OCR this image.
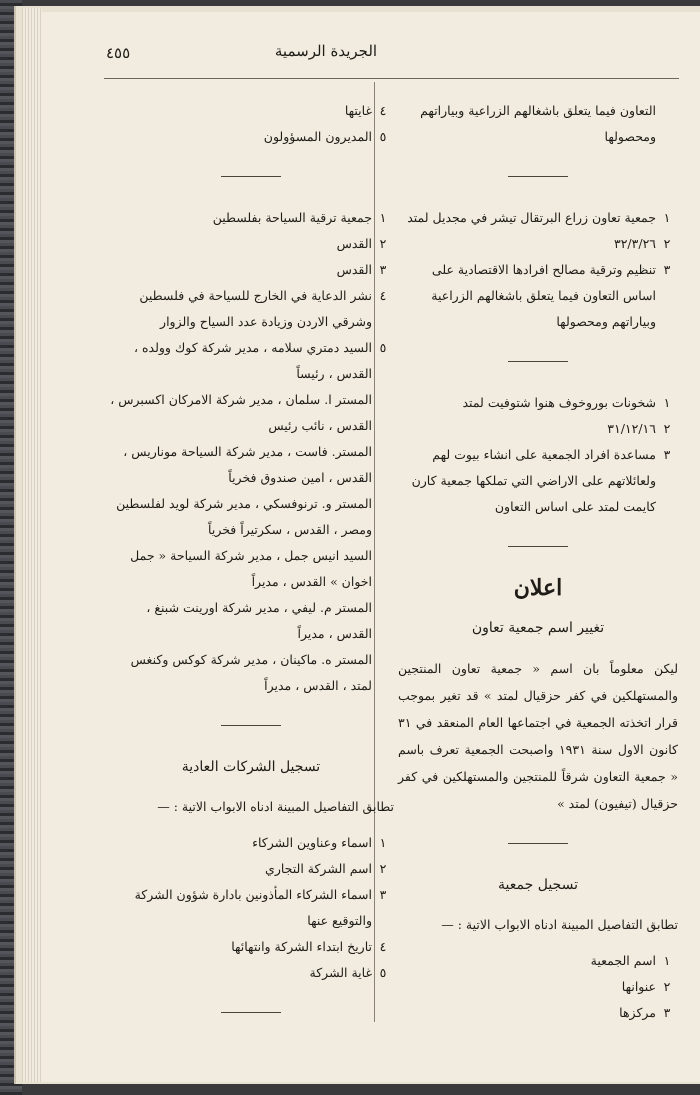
٤٥٥	الجريدة الرسمية
التعاون فيما يتعلق باشغالهم الزراعية وبياراتهم
ومحصولها
١
جمعية تعاون زراع البرتقال تيشر في مجديل لمتد
٢
٣٢/٣/٢٦
٣
تنظيم وترقية مصالح افرادها الاقتصادية على اساس التعاون فيما يتعلق باشغالهم الزراعية وبياراتهم ومحصولها
١
شخونات بوروخوف هنوا شتوفيت لمتد
٢
٣١/١٢/١٦
٣
مساعدة افراد الجمعية على انشاء بيوت لهم ولعائلاتهم على الاراضي التي تملكها جمعية كارن كايمت لمتد على اساس التعاون
اعلان
تغيير اسم جمعية تعاون
ليكن معلوماً بان اسم « جمعية تعاون المنتجين والمستهلكين في كفر حزقيال لمتد » قد تغير بموجب قرار اتخذته الجمعية في اجتماعها العام المنعقد في ٣١ كانون الاول سنة ١٩٣١ واصبحت الجمعية تعرف باسم « جمعية التعاون شرقاً للمنتجين والمستهلكين في كفر حزقيال (تيفيون) لمتد »
تسجيل جمعية
تطابق التفاصيل المبينة ادناه الابواب الاتية : —
١
اسم الجمعية
٢
عنوانها
٣
مركزها
٤
غايتها
٥
المديرون المسؤولون
١
جمعية ترقية السياحة بفلسطين
٢
القدس
٣
القدس
٤
نشر الدعاية في الخارج للسياحة في فلسطين وشرقي الاردن وزيادة عدد السياح والزوار
٥
السيد دمتري سلامه ، مدير شركة كوك وولده ، القدس ، رئيساً
المستر ا. سلمان ، مدير شركة الامركان اكسبرس ، القدس ، نائب رئيس
المستر. فاست ، مدير شركة السياحة موناريس ، القدس ، امين صندوق فخرياً
المستر و. ترنوفسكي ، مدير شركة لويد لفلسطين ومصر ، القدس ، سكرتيراً فخرياً
السيد انيس جمل ، مدير شركة السياحة « جمل اخوان » القدس ، مديراً
المستر م. ليفي ، مدير شركة اورينت شبنغ ، القدس ، مديراً
المستر ه. ماكينان ، مدير شركة كوكس وكنغس لمتد ، القدس ، مديراً
تسجيل الشركات العادية
تطابق التفاصيل المبينة ادناه الابواب الاتية : —
١
اسماء وعناوين الشركاء
٢
اسم الشركة التجاري
٣
اسماء الشركاء المأذونين بادارة شؤون الشركة والتوقيع عنها
٤
تاريخ ابتداء الشركة وانتهائها
٥
غاية الشركة
